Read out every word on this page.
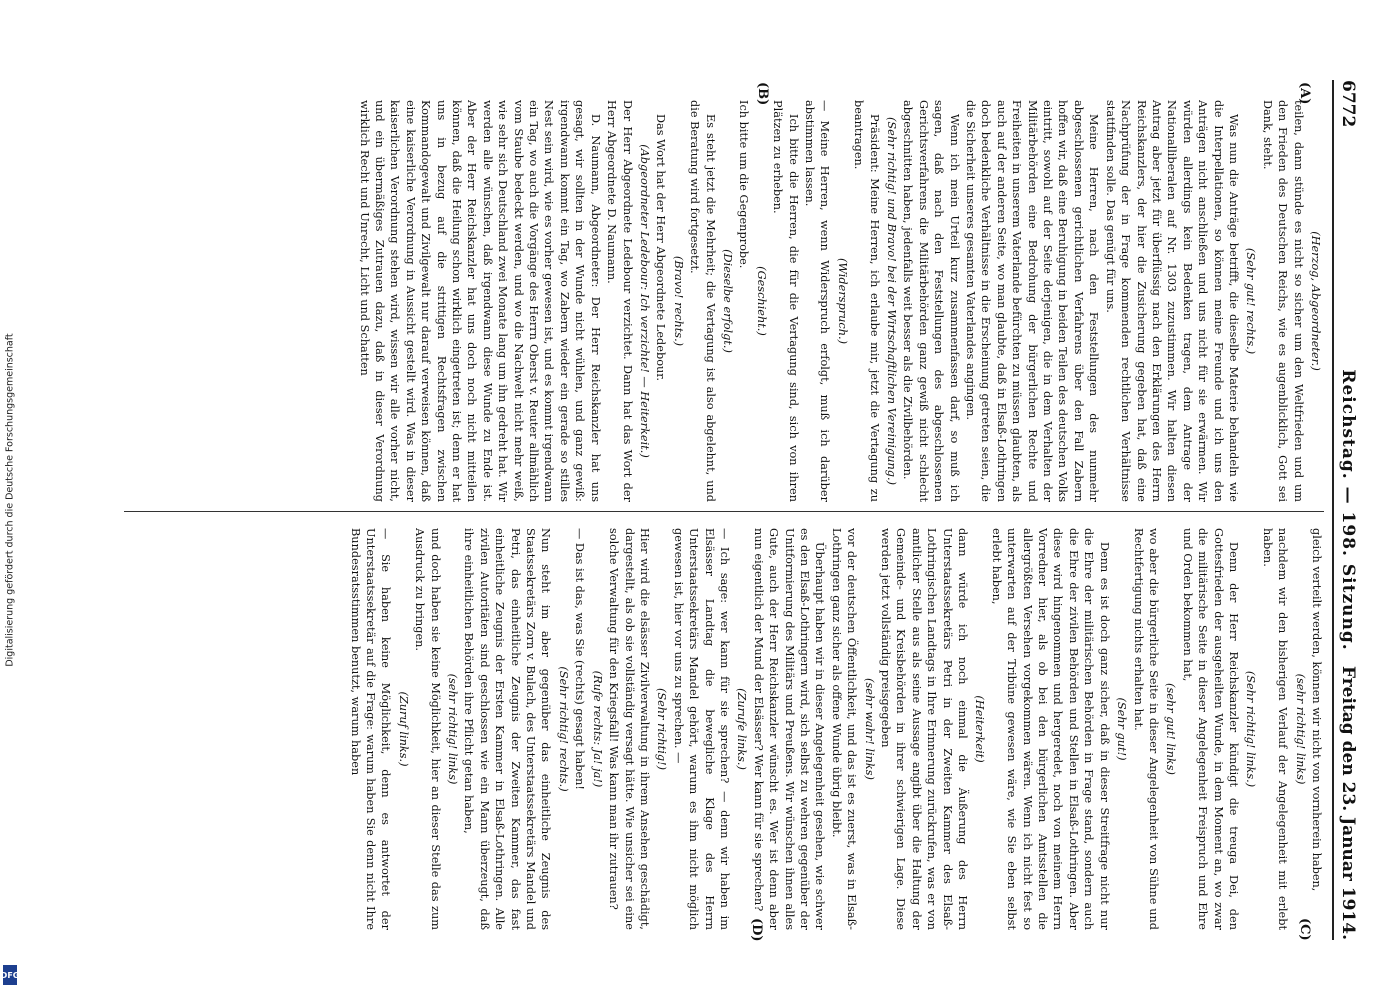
Digitalisierung gefördert durch die Deutsche Forschungsgemeinschaft
DFG
6772
Reichstag. — 198. Sitzung.
Freitag den 23. Januar 1914.
(A)
(B)
(C)
(D)
(Herzog, Abgeordneter.)
teilen, dann stünde es nicht so sicher um den Weltfrieden und um den Frieden des Deutschen Reichs, wie es augenblicklich, Gott sei Dank, steht.
(Sehr gut! rechts.)
Was nun die Anträge betrifft, die dieselbe Materie behandeln wie die Interpellationen, so können meine Freunde und ich uns den Anträgen nicht anschließen und uns nicht für sie erwärmen. Wir würden allerdings kein Bedenken tragen, dem Antrage der Nationalliberalen auf Nr. 1303 zuzustimmen. Wir halten diesen Antrag aber jetzt für überflüssig nach den Erklärungen des Herrn Reichskanzlers, der hier die Zusicherung gegeben hat, daß eine Nachprüfung der in Frage kommenden rechtlichen Verhältnisse stattfinden solle. Das genügt für uns.
Meine Herren, nach den Feststellungen des nunmehr abgeschlossenen gerichtlichen Verfahrens über den Fall Zabern hoffen wir, daß eine Beruhigung in beiden Teilen des deutschen Volks eintritt, sowohl auf der Seite derjenigen, die in dem Verhalten der Militärbehörden eine Bedrohung der bürgerlichen Rechte und Freiheiten in unserem Vaterlande befürchten zu müssen glaubten, als auch auf der anderen Seite, wo man glaubte, daß in Elsaß-Lothringen doch bedenkliche Verhältnisse in die Erscheinung getreten seien, die die Sicherheit unseres gesamten Vaterlandes angingen.
Wenn ich mein Urteil kurz zusammenfassen darf, so muß ich sagen, daß nach den Feststellungen des abgeschlossenen Gerichtsverfahrens die Militärbehörden ganz gewiß nicht schlecht abgeschnitten haben, jedenfalls weit besser als die Zivilbehörden.
(Sehr richtig! und Bravo! bei der Wirtschaftlichen Vereinigung.)
Präsident: Meine Herren, ich erlaube mir, jetzt die Vertagung zu beantragen.
(Widerspruch.)
— Meine Herren, wenn Widerspruch erfolgt, muß ich darüber abstimmen lassen.
Ich bitte die Herren, die für die Vertagung sind, sich von ihren Plätzen zu erheben.
(Geschieht.)
Ich bitte um die Gegenprobe.
(Dieselbe erfolgt.)
Es steht jetzt die Mehrheit; die Vertagung ist also abgelehnt, und die Beratung wird fortgesetzt.
(Bravo! rechts.)
Das Wort hat der Herr Abgeordnete Ledebour.
(Abgeordneter Ledebour: Ich verzichte! — Heiterkeit.)
Der Herr Abgeordnete Ledebour verzichtet. Dann hat das Wort der Herr Abgeordnete D. Naumann.
D. Naumann, Abgeordneter: Der Herr Reichskanzler hat uns gesagt, wir sollten in der Wunde nicht wühlen, und ganz gewiß: irgendwann kommt ein Tag, wo Zabern wieder ein gerade so stilles Nest sein wird, wie es vorher gewesen ist, und es kommt irgendwann ein Tag, wo auch die Vorgänge des Herrn Oberst v. Reuter allmählich vom Staube bedeckt werden, und wo die Nachwelt nicht mehr weiß, wie sehr sich Deutschland zwei Monate lang um ihn gedreht hat. Wir werden alle wünschen, daß irgendwann diese Wunde zu Ende ist. Aber der Herr Reichskanzler hat uns doch noch nicht mitteilen können, daß die Heilung schon wirklich eingetreten ist; denn er hat uns in bezug auf die strittigen Rechtsfragen zwischen Kommandogewalt und Zivilgewalt nur darauf verweisen können, daß eine kaiserliche Verordnung in Aussicht gestellt wird. Was in dieser kaiserlichen Verordnung stehen wird, wissen wir alle vorher nicht, und ein übermäßiges Zutrauen dazu, daß in dieser Verordnung wirklich Recht und Unrecht, Licht und Schatten
gleich verteilt werden, können wir nicht von vornherein haben,
(sehr richtig! links)
nachdem wir den bisherigen Verlauf der Angelegenheit mit erlebt haben.
(Sehr richtig! links.)
Denn der Herr Reichskanzler kündigt die treuga Dei, den Gottesfrieden der ausgeheilten Wunde, in dem Moment an, wo zwar die militärische Seite in dieser Angelegenheit Freispruch und Ehre und Orden bekommen hat,
(sehr gut! links)
wo aber die bürgerliche Seite in dieser Angelegenheit von Sühne und Rechtfertigung nichts erhalten hat.
(Sehr gut!)
Denn es ist doch ganz sicher, daß in dieser Streitfrage nicht nur die Ehre der militärischen Behörden in Frage stand, sondern auch die Ehre der zivilen Behörden und Stellen in Elsaß-Lothringen. Aber diese wird hingenommen und hergeredet, noch von meinem Herrn Vorredner hier, als ob bei den bürgerlichen Amtsstellen die allergrößten Versehen vorgekommen wären. Wenn ich nicht fest so unterwarten auf der Tribüne gewesen wäre, wie Sie eben selbst erlebt haben,
(Heiterkeit)
dann würde ich noch einmal die Äußerung des Herrn Unterstaatssekretärs Petri in der Zweiten Kammer des Elsaß-Lothringischen Landtags in Ihre Erinnerung zurückrufen, was er von amtlicher Stelle aus als seine Aussage angibt über die Haltung der Gemeinde- und Kreisbehörden in ihrer schwierigen Lage. Diese werden jetzt vollständig preisgegeben
(sehr wahr! links)
vor der deutschen Öffentlichkeit, und das ist es zuerst, was in Elsaß-Lothringen ganz sicher als offene Wunde übrig bleibt.
Überhaupt haben wir in dieser Angelegenheit gesehen, wie schwer es den Elsaß-Lothringern wird, sich selbst zu wehren gegenüber der Unitformierung des Militärs und Preußens. Wir wünschen ihnen alles Gute, auch der Herr Reichskanzler wünscht es. Wer ist denn aber nun eigentlich der Mund der Elsässer? Wer kann für sie sprechen?
(Zurufe links.)
— Ich sage: wer kann für sie sprechen? — denn wir haben im Elsässer Landtag die bewegliche Klage des Herrn Unterstaatssekretärs Mandel gehört, warum es ihm nicht möglich gewesen ist, hier vor uns zu sprechen. —
(Sehr richtig!)
Hier wird die elsässer Zivilverwaltung in ihrem Ansehen geschädigt, dargestellt, als ob sie vollständig versagt hätte. Wie unsicher sei eine solche Verwaltung für den Kriegsfall! Was kann man ihr zutrauen?
(Rufe rechts: Ja! ja!)
— Das ist das, was Sie (rechts) gesagt haben!
(Sehr richtig! rechts.)
Nun steht im aber gegenüber das einheitliche Zeugnis des Staatssekretärs Zorn v. Bulach, des Unterstaatssekretärs Mandel und Petri, das einheitliche Zeugnis der Zweiten Kammer, das fast einheitliche Zeugnis der Ersten Kammer in Elsaß-Lothringen. Alle zivilen Autoritäten sind geschlossen wie ein Mann überzeugt, daß ihre einheitlichen Behörden ihre Pflicht getan haben,
(sehr richtig! links)
und doch haben sie keine Möglichkeit, hier an dieser Stelle das zum Ausdruck zu bringen.
(Zuruf links.)
— Sie haben keine Möglichkeit, denn es antwortet der Unterstaatssekretär auf die Frage: warum haben Sie denn nicht Ihre Bundesratsstimmen benutzt, warum haben
